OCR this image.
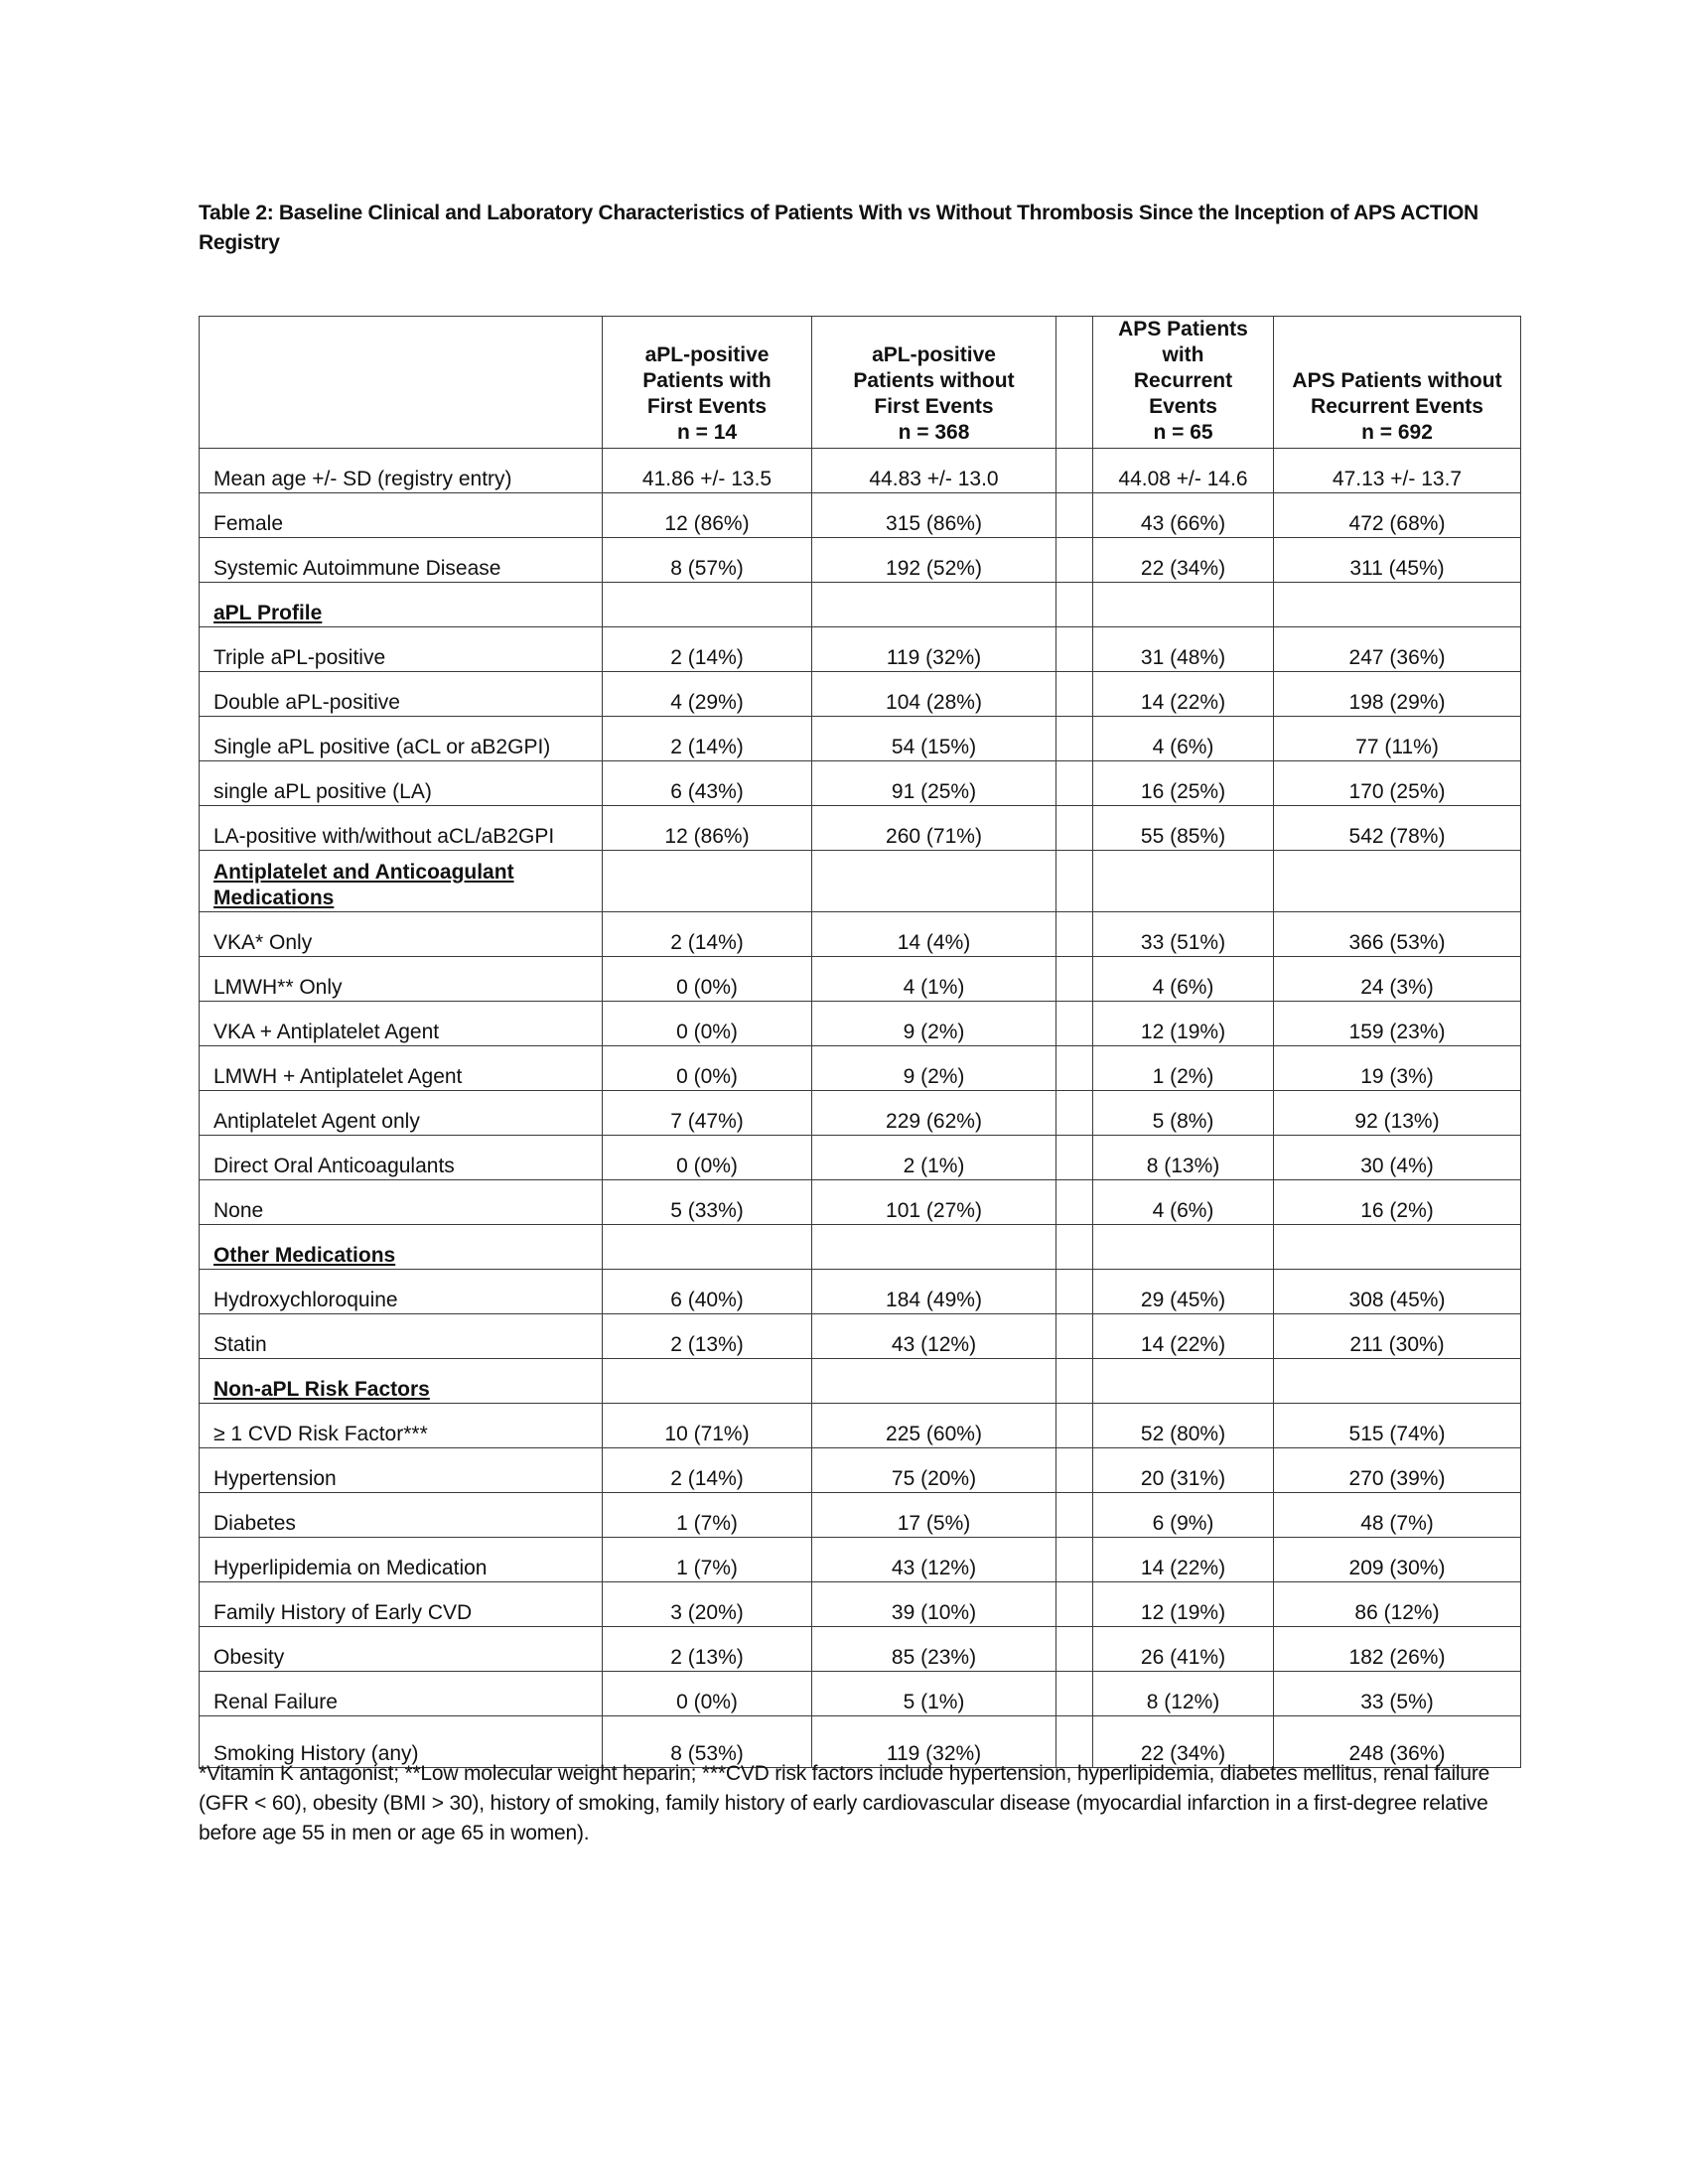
Table 2: Baseline Clinical and Laboratory Characteristics of Patients With vs Without Thrombosis Since the Inception of APS ACTION Registry

aPL-positive
Patients with
First Events
n = 14

aPL-positive
Patients without
First Events
n = 368

APS Patients with
Recurrent Events
n = 65

APS Patients without
Recurrent Events
n = 692

Mean age +/- SD (registry entry)	41.86 +/- 13.5	44.83 +/- 13.0		44.08 +/- 14.6	47.13 +/- 13.7
Female	12 (86%)	315 (86%)		43 (66%)	472 (68%)
Systemic Autoimmune Disease	8 (57%)	192 (52%)		22 (34%)	311 (45%)
aPL Profile					
Triple aPL-positive	2 (14%)	119 (32%)		31 (48%)	247 (36%)
Double aPL-positive	4 (29%)	104 (28%)		14 (22%)	198 (29%)
Single aPL positive (aCL or aB2GPI)	2 (14%)	54 (15%)		4 (6%)	77 (11%)
single aPL positive (LA)	6 (43%)	91 (25%)		16 (25%)	170 (25%)
LA-positive with/without aCL/aB2GPI	12 (86%)	260 (71%)		55 (85%)	542 (78%)
Antiplatelet and Anticoagulant Medications					
VKA* Only	2 (14%)	14 (4%)		33 (51%)	366 (53%)
LMWH** Only	0 (0%)	4 (1%)		4 (6%)	24 (3%)
VKA + Antiplatelet Agent	0 (0%)	9 (2%)		12 (19%)	159 (23%)
LMWH + Antiplatelet Agent	0 (0%)	9 (2%)		1 (2%)	19 (3%)
Antiplatelet Agent only	7 (47%)	229 (62%)		5 (8%)	92 (13%)
Direct Oral Anticoagulants	0 (0%)	2 (1%)		8 (13%)	30 (4%)
None	5 (33%)	101 (27%)		4 (6%)	16 (2%)
Other Medications					
Hydroxychloroquine	6 (40%)	184 (49%)		29 (45%)	308 (45%)
Statin	2 (13%)	43 (12%)		14 (22%)	211 (30%)
Non-aPL Risk Factors					
≥ 1 CVD Risk Factor***	10 (71%)	225 (60%)		52 (80%)	515 (74%)
Hypertension	2 (14%)	75 (20%)		20 (31%)	270 (39%)
Diabetes	1 (7%)	17 (5%)		6 (9%)	48 (7%)
Hyperlipidemia on Medication	1 (7%)	43 (12%)		14 (22%)	209 (30%)
Family History of Early CVD	3 (20%)	39 (10%)		12 (19%)	86 (12%)
Obesity	2 (13%)	85 (23%)		26 (41%)	182 (26%)
Renal Failure	0 (0%)	5 (1%)		8 (12%)	33 (5%)
Smoking History (any)	8 (53%)	119 (32%)		22 (34%)	248 (36%)
*Vitamin K antagonist; **Low molecular weight heparin; ***CVD risk factors include hypertension, hyperlipidemia, diabetes mellitus, renal failure (GFR < 60), obesity (BMI > 30), history of smoking, family history of early cardiovascular disease (myocardial infarction in a first-degree relative before age 55 in men or age 65 in women).
